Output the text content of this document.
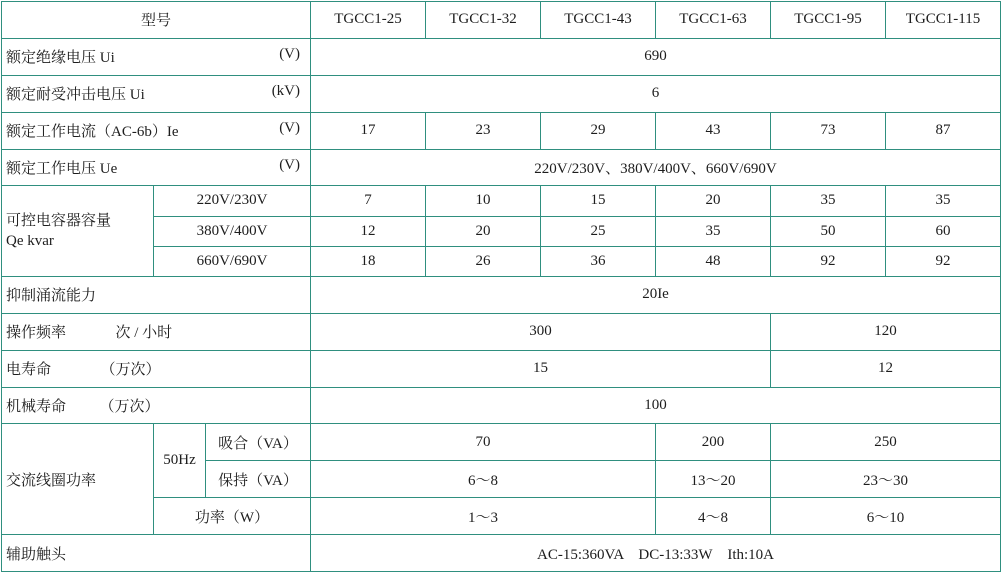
型号			TGCC1-25	TGCC1-32	TGCC1-43	TGCC1-63	TGCC1-95	TGCC1-115
额定绝缘电压 Ui (V)			690					
额定耐受冲击电压 Ui (kV)			6					
额定工作电流（AC-6b）Ie (V)			17	23	29	43	73	87
额定工作电压 Ue (V)			220V/230V、380V/400V、660V/690V					

可控电容器容量
Qe kvar	220V/230V		7	10	15	20	35	35
	380V/400V		12	20	25	35	50	60
	660V/690V		18	26	36	48	92	92
抑制涌流能力			20Ie					
操作频率 次 / 小时			300				120	
电寿命 （万次）			15				12	
机械寿命 （万次）			100					
交流线圈功率	50Hz	吸合（VA）	70			200	250	
		保持（VA）	6～8			13～20	23～30	
	功率（W）		1～3			4～8	6～10	
辅助触头			AC-15:360VA　DC-13:33W　Ith:10A					
